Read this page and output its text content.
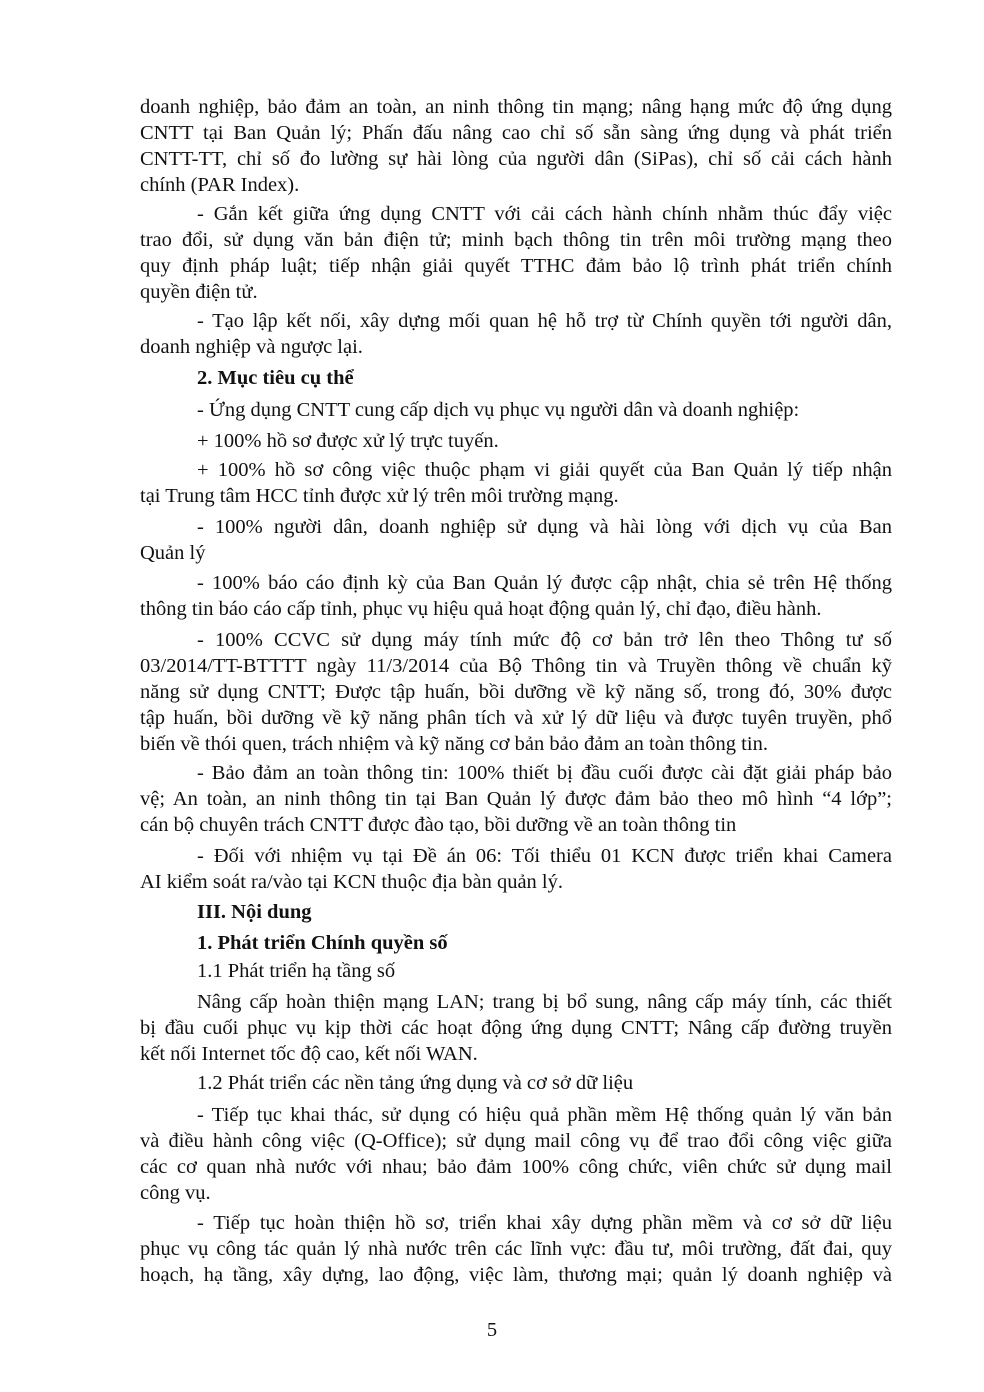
doanh nghiệp, bảo đảm an toàn, an ninh thông tin mạng; nâng hạng mức độ ứng dụng
CNTT tại Ban Quản lý; Phấn đấu nâng cao chỉ số sẵn sàng ứng dụng và phát triển
CNTT-TT, chỉ số đo lường sự hài lòng của người dân (SiPas), chỉ số cải cách hành
chính (PAR Index).
- Gắn kết giữa ứng dụng CNTT với cải cách hành chính nhằm thúc đẩy việc
trao đổi, sử dụng văn bản điện tử; minh bạch thông tin trên môi trường mạng theo
quy định pháp luật; tiếp nhận giải quyết TTHC đảm bảo lộ trình phát triển chính
quyền điện tử.
- Tạo lập kết nối, xây dựng mối quan hệ hỗ trợ từ Chính quyền tới người dân,
doanh nghiệp và ngược lại.
2. Mục tiêu cụ thể
- Ứng dụng CNTT cung cấp dịch vụ phục vụ người dân và doanh nghiệp:
+ 100% hồ sơ được xử lý trực tuyến.
+ 100% hồ sơ công việc thuộc phạm vi giải quyết của Ban Quản lý tiếp nhận
tại Trung tâm HCC tỉnh được xử lý trên môi trường mạng.
- 100% người dân, doanh nghiệp sử dụng và hài lòng với dịch vụ của Ban
Quản lý
- 100% báo cáo định kỳ của Ban Quản lý được cập nhật, chia sẻ trên Hệ thống
thông tin báo cáo cấp tỉnh, phục vụ hiệu quả hoạt động quản lý, chỉ đạo, điều hành.
- 100% CCVC sử dụng máy tính mức độ cơ bản trở lên theo Thông tư số
03/2014/TT-BTTTT ngày 11/3/2014 của Bộ Thông tin và Truyền thông về chuẩn kỹ
năng sử dụng CNTT; Được tập huấn, bồi dưỡng về kỹ năng số, trong đó, 30% được
tập huấn, bồi dưỡng về kỹ năng phân tích và xử lý dữ liệu và được tuyên truyền, phổ
biến về thói quen, trách nhiệm và kỹ năng cơ bản bảo đảm an toàn thông tin.
- Bảo đảm an toàn thông tin: 100% thiết bị đầu cuối được cài đặt giải pháp bảo
vệ; An toàn, an ninh thông tin tại Ban Quản lý được đảm bảo theo mô hình “4 lớp”;
cán bộ chuyên trách CNTT được đào tạo, bồi dưỡng về an toàn thông tin
- Đối với nhiệm vụ tại Đề án 06: Tối thiểu 01 KCN được triển khai Camera
AI kiểm soát ra/vào tại KCN thuộc địa bàn quản lý.
III. Nội dung
1. Phát triển Chính quyền số
1.1 Phát triển hạ tầng số
Nâng cấp hoàn thiện mạng LAN; trang bị bổ sung, nâng cấp máy tính, các thiết
bị đầu cuối phục vụ kịp thời các hoạt động ứng dụng CNTT; Nâng cấp đường truyền
kết nối Internet tốc độ cao, kết nối WAN.
1.2 Phát triển các nền tảng ứng dụng và cơ sở dữ liệu
- Tiếp tục khai thác, sử dụng có hiệu quả phần mềm Hệ thống quản lý văn bản
và điều hành công việc (Q-Office); sử dụng mail công vụ để trao đổi công việc giữa
các cơ quan nhà nước với nhau; bảo đảm 100% công chức, viên chức sử dụng mail
công vụ.
- Tiếp tục hoàn thiện hồ sơ, triển khai xây dựng phần mềm và cơ sở dữ liệu
phục vụ công tác quản lý nhà nước trên các lĩnh vực: đầu tư, môi trường, đất đai, quy
hoạch, hạ tầng, xây dựng, lao động, việc làm, thương mại; quản lý doanh nghiệp và
5
